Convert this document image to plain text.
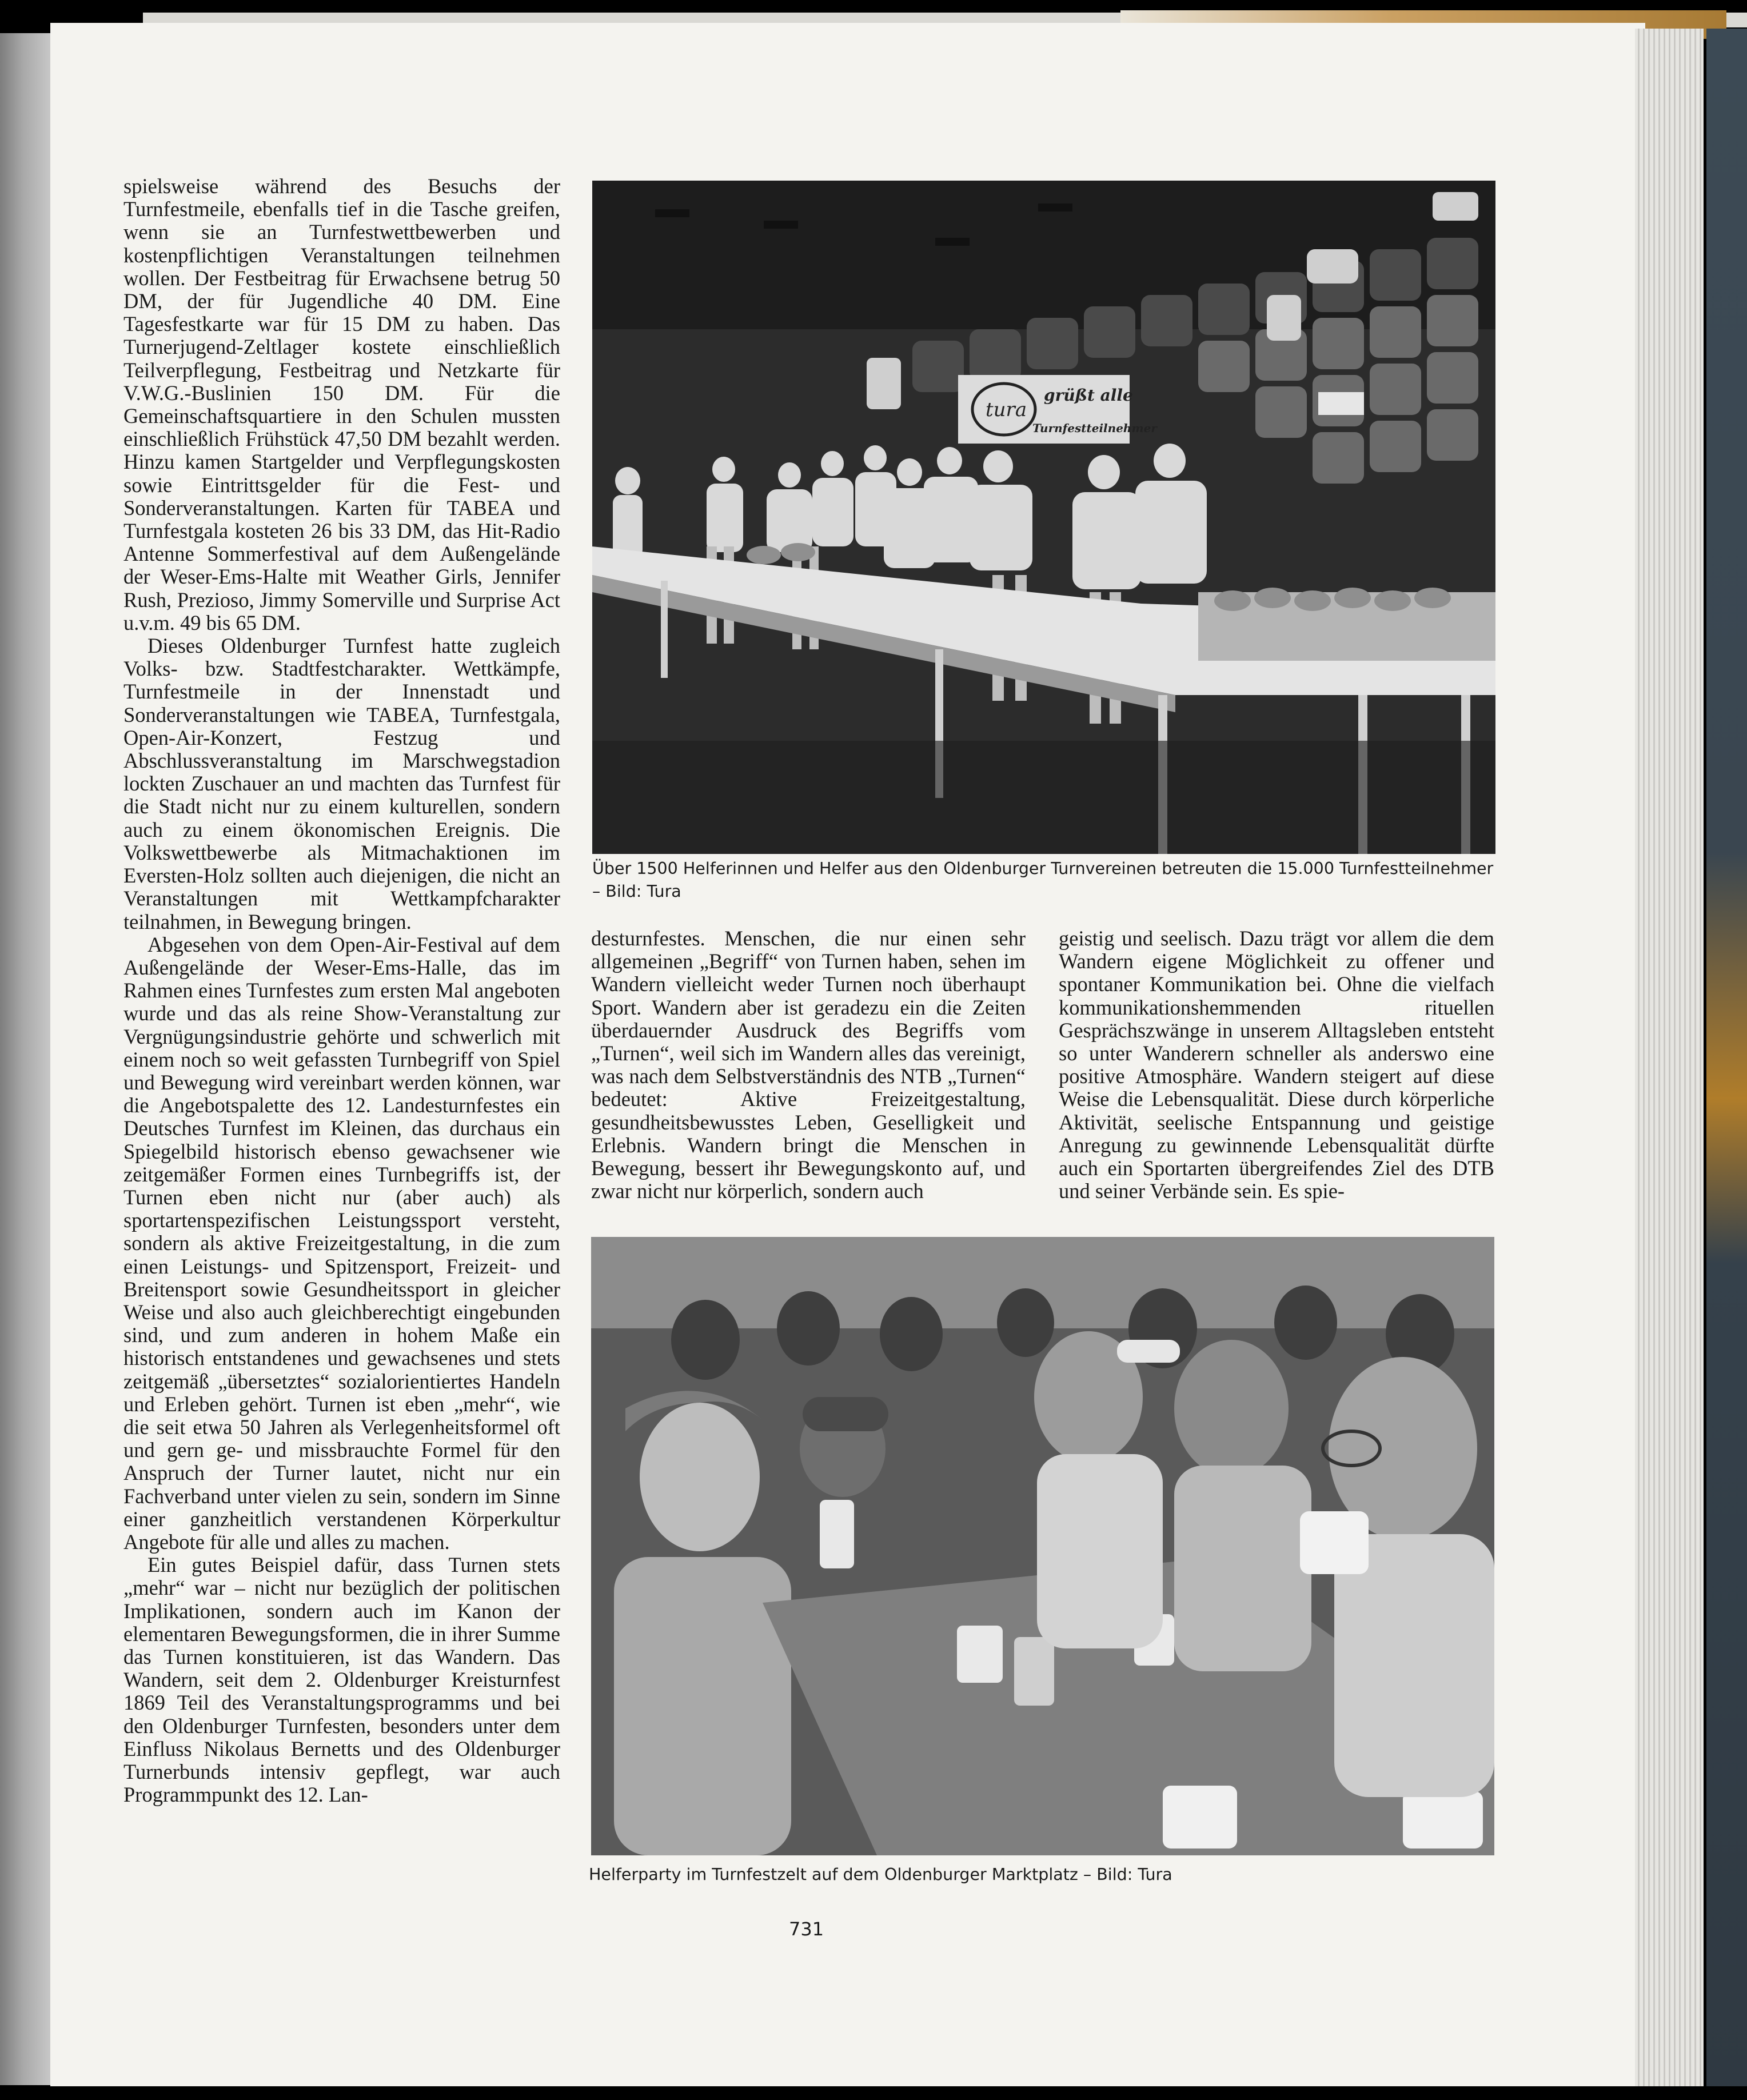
spielsweise während des Besuchs der Turnfestmeile, ebenfalls tief in die Tasche greifen, wenn sie an Turnfestwettbewerben und kostenpflichtigen Veranstaltungen teilnehmen wollen. Der Festbeitrag für Erwachsene betrug 50 DM, der für Jugendliche 40 DM. Eine Tagesfestkarte war für 15 DM zu haben. Das Turnerjugend-Zeltlager kostete einschließlich Teilverpflegung, Festbeitrag und Netzkarte für V.W.G.-Buslinien 150 DM. Für die Gemeinschaftsquartiere in den Schulen mussten einschließlich Frühstück 47,50 DM bezahlt werden. Hinzu kamen Startgelder und Verpflegungskosten sowie Eintrittsgelder für die Fest- und Sonderveranstaltungen. Karten für TABEA und Turnfestgala kosteten 26 bis 33 DM, das Hit-Radio Antenne Sommerfestival auf dem Außengelände der Weser-Ems-Halte mit Weather Girls, Jennifer Rush, Prezioso, Jimmy Somerville und Surprise Act u.v.m. 49 bis 65 DM.

Dieses Oldenburger Turnfest hatte zugleich Volks- bzw. Stadtfestcharakter. Wettkämpfe, Turnfestmeile in der Innenstadt und Sonderveranstaltungen wie TABEA, Turnfestgala, Open-Air-Konzert, Festzug und Abschlussveranstaltung im Marschwegstadion lockten Zuschauer an und machten das Turnfest für die Stadt nicht nur zu einem kulturellen, sondern auch zu einem ökonomischen Ereignis. Die Volkswettbewerbe als Mitmachaktionen im Eversten-Holz sollten auch diejenigen, die nicht an Veranstaltungen mit Wettkampfcharakter teilnahmen, in Bewegung bringen.

Abgesehen von dem Open-Air-Festival auf dem Außengelände der Weser-Ems-Halle, das im Rahmen eines Turnfestes zum ersten Mal angeboten wurde und das als reine Show-Veranstaltung zur Vergnügungsindustrie gehörte und schwerlich mit einem noch so weit gefassten Turnbegriff von Spiel und Bewegung wird vereinbart werden können, war die Angebotspalette des 12. Landesturnfestes ein Deutsches Turnfest im Kleinen, das durchaus ein Spiegelbild historisch ebenso gewachsener wie zeitgemäßer Formen eines Turnbegriffs ist, der Turnen eben nicht nur (aber auch) als sportartenspezifischen Leistungssport versteht, sondern als aktive Freizeitgestaltung, in die zum einen Leistungs- und Spitzensport, Freizeit- und Breitensport sowie Gesundheitssport in gleicher Weise und also auch gleichberechtigt eingebunden sind, und zum anderen in hohem Maße ein historisch entstandenes und gewachsenes und stets zeitgemäß „übersetztes“ sozialorientiertes Handeln und Erleben gehört. Turnen ist eben „mehr“, wie die seit etwa 50 Jahren als Verlegenheitsformel oft und gern ge- und missbrauchte Formel für den Anspruch der Turner lautet, nicht nur ein Fachverband unter vielen zu sein, sondern im Sinne einer ganzheitlich verstandenen Körperkultur Angebote für alle und alles zu machen.

Ein gutes Beispiel dafür, dass Turnen stets „mehr“ war – nicht nur bezüglich der politischen Implikationen, sondern auch im Kanon der elementaren Bewegungsformen, die in ihrer Summe das Turnen konstituieren, ist das Wandern. Das Wandern, seit dem 2. Oldenburger Kreisturnfest 1869 Teil des Veranstaltungsprogramms und bei den Oldenburger Turnfesten, besonders unter dem Einfluss Nikolaus Bernetts und des Oldenburger Turnerbunds intensiv gepflegt, war auch Programmpunkt des 12. Lan-

tura
grüßt alle
Turnfestteilnehmer
Über 1500 Helferinnen und Helfer aus den Oldenburger Turnvereinen betreuten die 15.000 Turnfestteilnehmer – Bild: Tura

desturnfestes. Menschen, die nur einen sehr allgemeinen „Begriff“ von Turnen haben, sehen im Wandern vielleicht weder Turnen noch überhaupt Sport. Wandern aber ist geradezu ein die Zeiten überdauernder Ausdruck des Begriffs vom „Turnen“, weil sich im Wandern alles das vereinigt, was nach dem Selbstverständnis des NTB „Turnen“ bedeutet: Aktive Freizeitgestaltung, gesundheitsbewusstes Leben, Geselligkeit und Erlebnis. Wandern bringt die Menschen in Bewegung, bessert ihr Bewegungskonto auf, und zwar nicht nur körperlich, sondern auch

geistig und seelisch. Dazu trägt vor allem die dem Wandern eigene Möglichkeit zu offener und spontaner Kommunikation bei. Ohne die vielfach kommunikationshemmenden rituellen Gesprächszwänge in unserem Alltagsleben entsteht so unter Wanderern schneller als anderswo eine positive Atmosphäre. Wandern steigert auf diese Weise die Lebensqualität. Diese durch körperliche Aktivität, seelische Entspannung und geistige Anregung zu gewinnende Lebensqualität dürfte auch ein Sportarten übergreifendes Ziel des DTB und seiner Verbände sein. Es spie-

Helferparty im Turnfestzelt auf dem Oldenburger Marktplatz – Bild: Tura
731
